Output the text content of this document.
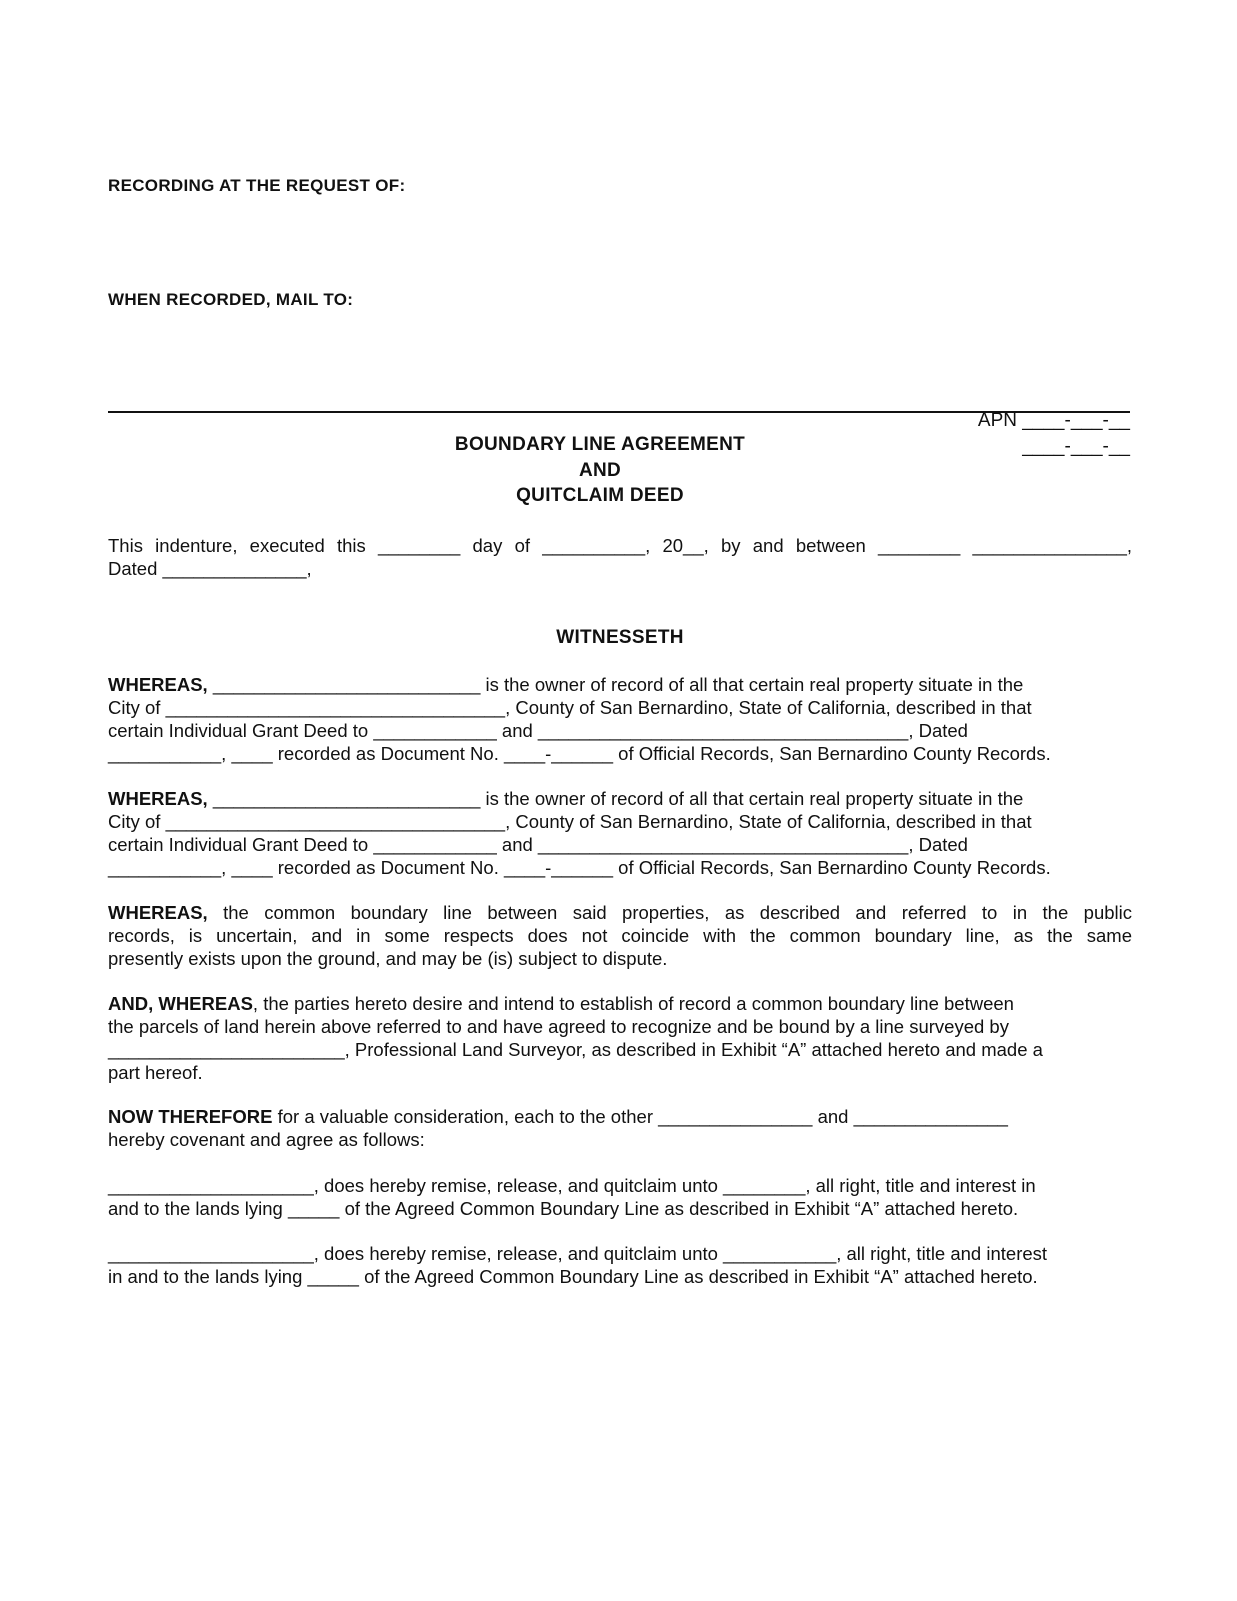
RECORDING AT THE REQUEST OF:
WHEN RECORDED, MAIL TO:
APN ____-___-__
____-___-__
BOUNDARY LINE AGREEMENT
AND
QUITCLAIM DEED
This indenture, executed this ________ day of __________, 20__, by and between ________ _______________,
Dated ______________,
WITNESSETH
WHEREAS, __________________________ is the owner of record of all that certain real property situate in the
City of _________________________________, County of San Bernardino, State of California, described in that
certain Individual Grant Deed to ____________ and ____________________________________, Dated
___________, ____ recorded as Document No. ____-______ of Official Records, San Bernardino County Records.
WHEREAS, __________________________ is the owner of record of all that certain real property situate in the
City of _________________________________, County of San Bernardino, State of California, described in that
certain Individual Grant Deed to ____________ and ____________________________________, Dated
___________, ____ recorded as Document No. ____-______ of Official Records, San Bernardino County Records.
WHEREAS, the common boundary line between said properties, as described and referred to in the public
records, is uncertain, and in some respects does not coincide with the common boundary line, as the same
presently exists upon the ground, and may be (is) subject to dispute.
AND, WHEREAS, the parties hereto desire and intend to establish of record a common boundary line between
the parcels of land herein above referred to and have agreed to recognize and be bound by a line surveyed by
_______________________, Professional Land Surveyor, as described in Exhibit “A” attached hereto and made a
part hereof.
NOW THEREFORE for a valuable consideration, each to the other _______________ and _______________
hereby covenant and agree as follows:
____________________, does hereby remise, release, and quitclaim unto ________, all right, title and interest in
and to the lands lying _____ of the Agreed Common Boundary Line as described in Exhibit “A” attached hereto.
____________________, does hereby remise, release, and quitclaim unto ___________, all right, title and interest
in and to the lands lying _____ of the Agreed Common Boundary Line as described in Exhibit “A” attached hereto.
